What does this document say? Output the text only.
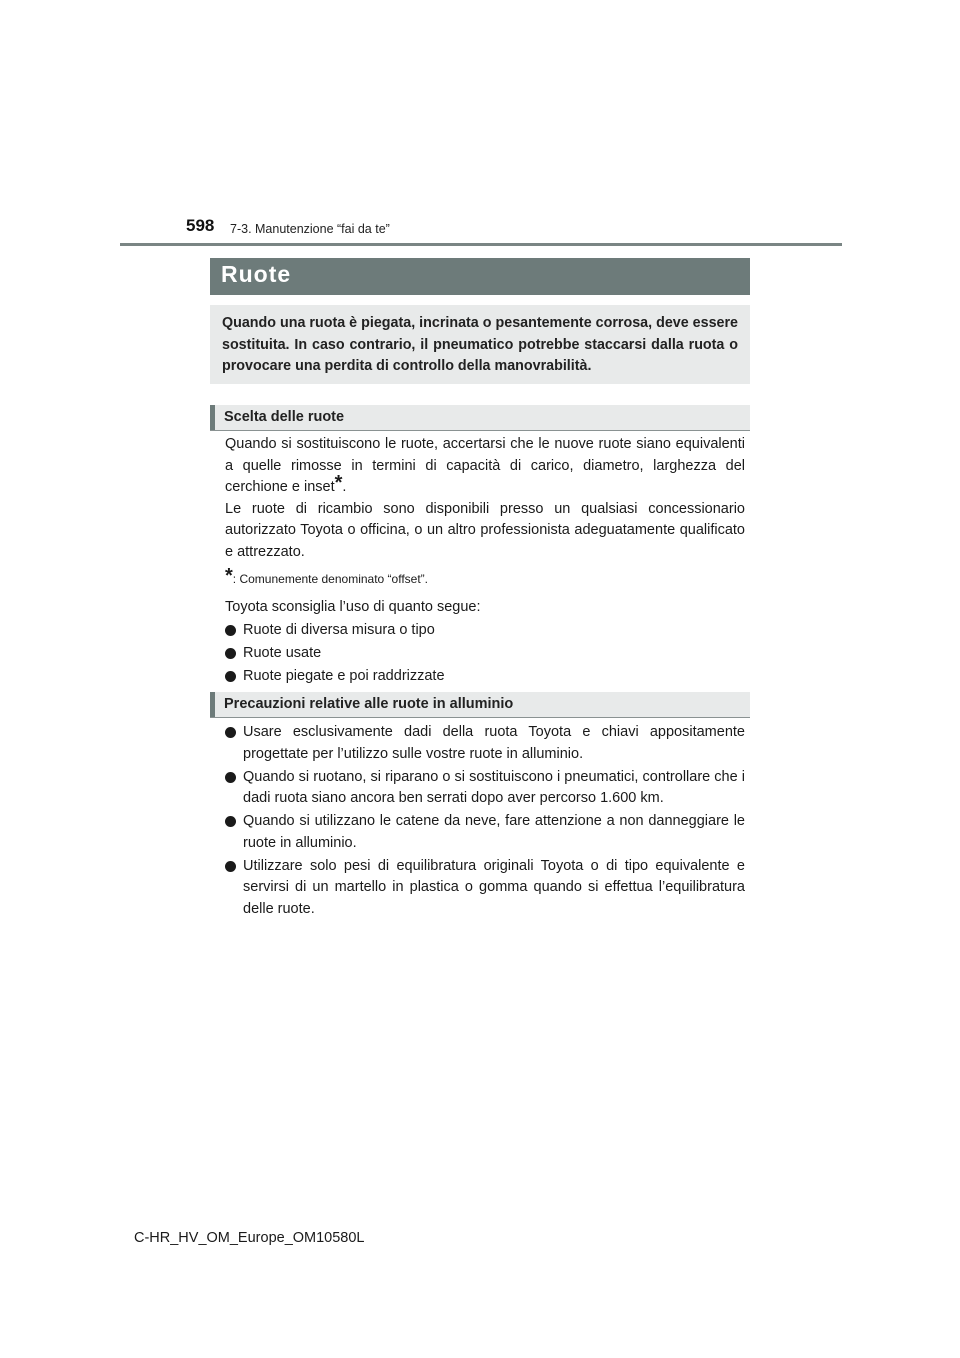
598 7-3. Manutenzione “fai da te”
Ruote

Quando una ruota è piegata, incrinata o pesantemente corrosa, deve essere sostituita. In caso contrario, il pneumatico potrebbe staccarsi dalla ruota o provocare una perdita di controllo della manovrabilità.

Scelta delle ruote

Quando si sostituiscono le ruote, accertarsi che le nuove ruote siano equivalenti a quelle rimosse in termini di capacità di carico, diametro, larghezza del cerchione e inset*.

Le ruote di ricambio sono disponibili presso un qualsiasi concessionario autorizzato Toyota o officina, o un altro professionista adeguatamente qualificato e attrezzato.

*: Comunemente denominato “offset”.

Toyota sconsiglia l’uso di quanto segue:

Ruote di diversa misura o tipo
Ruote usate
Ruote piegate e poi raddrizzate
Precauzioni relative alle ruote in alluminio
Usare esclusivamente dadi della ruota Toyota e chiavi appositamente progettate per l’utilizzo sulle vostre ruote in alluminio.
Quando si ruotano, si riparano o si sostituiscono i pneumatici, controllare che i dadi ruota siano ancora ben serrati dopo aver percorso 1.600 km.
Quando si utilizzano le catene da neve, fare attenzione a non danneggiare le ruote in alluminio.
Utilizzare solo pesi di equilibratura originali Toyota o di tipo equivalente e servirsi di un martello in plastica o gomma quando si effettua l’equilibratura delle ruote.
C-HR_HV_OM_Europe_OM10580L
